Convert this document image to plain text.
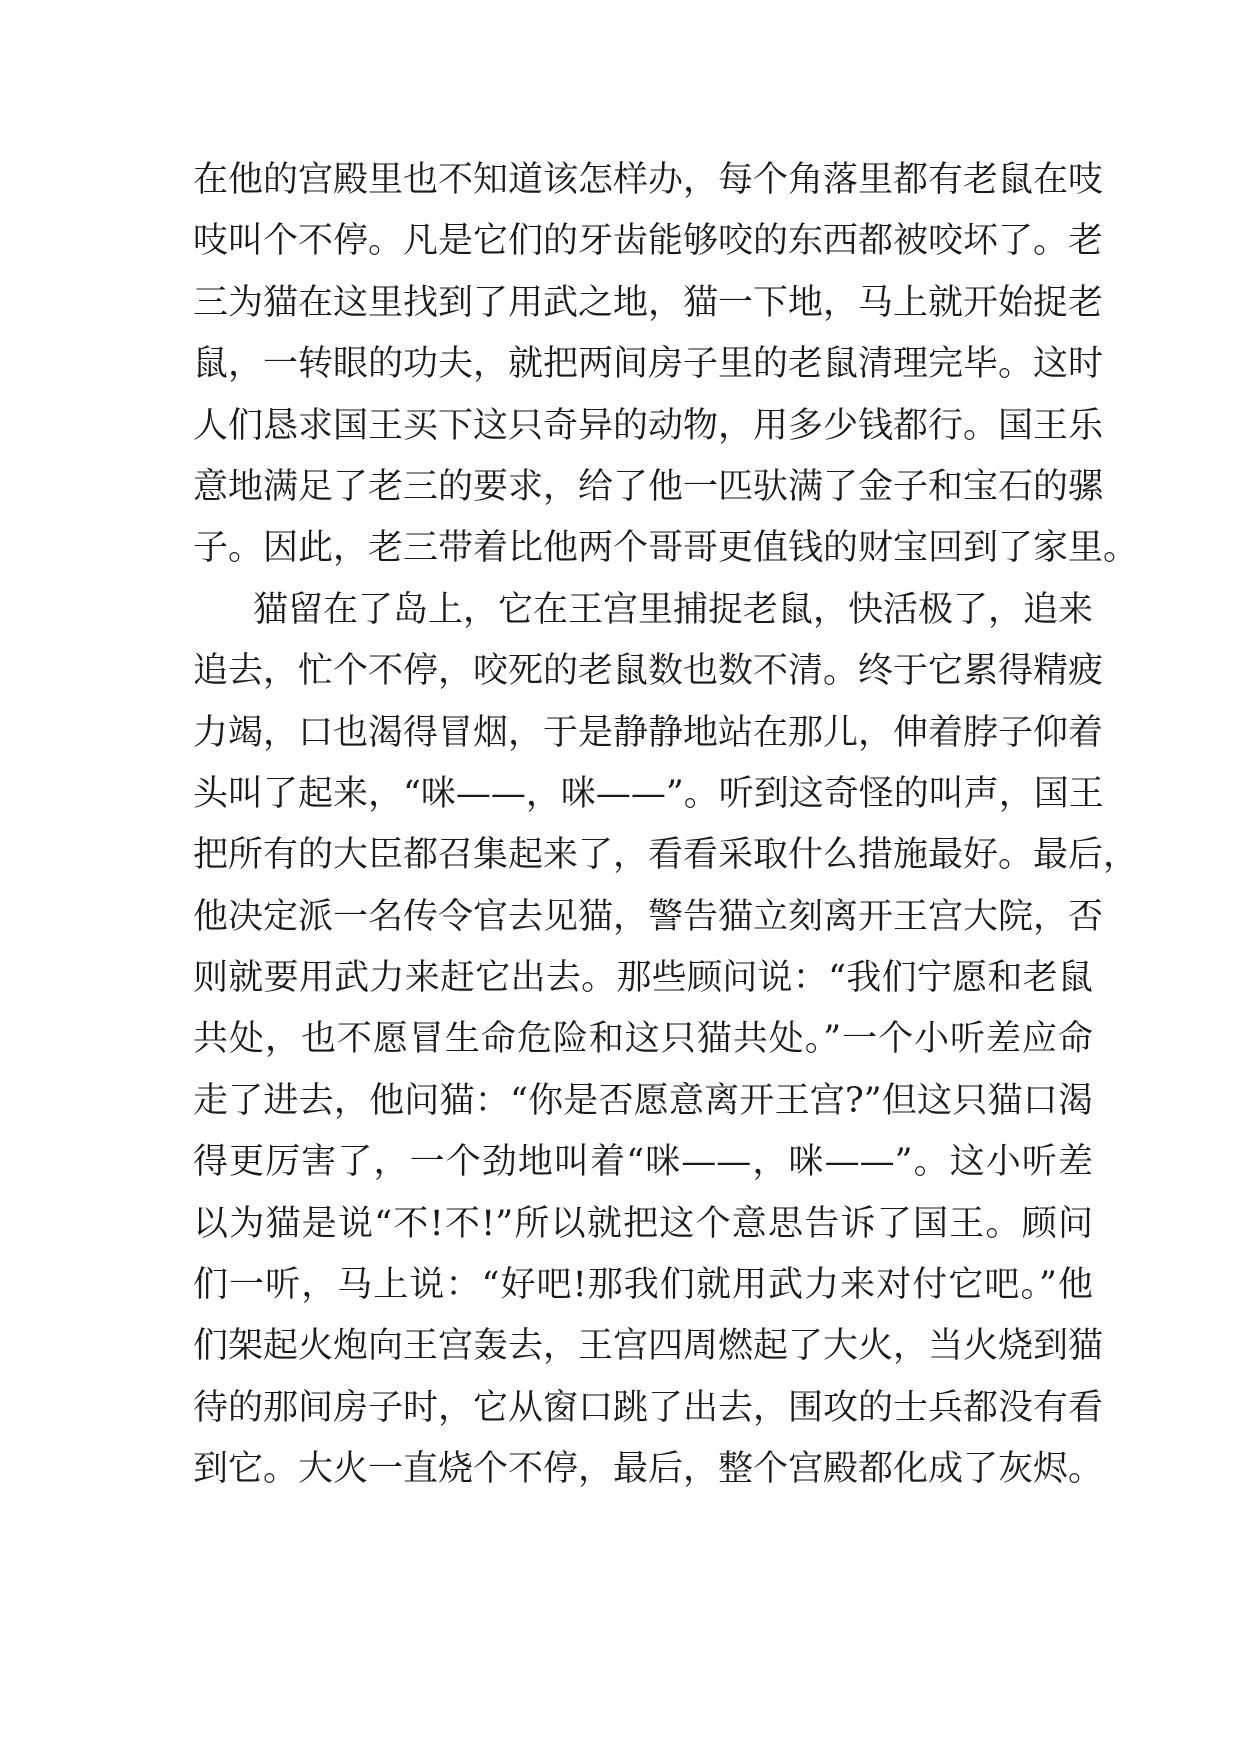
在他的宫殿里也不知道该怎样办，每个角落里都有老鼠在吱
吱叫个不停。凡是它们的牙齿能够咬的东西都被咬坏了。老
三为猫在这里找到了用武之地，猫一下地，马上就开始捉老
鼠，一转眼的功夫，就把两间房子里的老鼠清理完毕。这时
人们恳求国王买下这只奇异的动物，用多少钱都行。国王乐
意地满足了老三的要求，给了他一匹驮满了金子和宝石的骡
子。因此，老三带着比他两个哥哥更值钱的财宝回到了家里。
猫留在了岛上，它在王宫里捕捉老鼠，快活极了，追来
追去，忙个不停，咬死的老鼠数也数不清。终于它累得精疲
力竭，口也渴得冒烟，于是静静地站在那儿，伸着脖子仰着
头叫了起来，“咪——，咪——”。听到这奇怪的叫声，国王
把所有的大臣都召集起来了，看看采取什么措施最好。最后，
他决定派一名传令官去见猫，警告猫立刻离开王宫大院，否
则就要用武力来赶它出去。那些顾问说：“我们宁愿和老鼠
共处，也不愿冒生命危险和这只猫共处。”一个小听差应命
走了进去，他问猫：“你是否愿意离开王宫?”但这只猫口渴
得更厉害了，一个劲地叫着“咪——，咪——”。这小听差
以为猫是说“不!不!”所以就把这个意思告诉了国王。顾问
们一听，马上说：“好吧!那我们就用武力来对付它吧。”他
们架起火炮向王宫轰去，王宫四周燃起了大火，当火烧到猫
待的那间房子时，它从窗口跳了出去，围攻的士兵都没有看
到它。大火一直烧个不停，最后，整个宫殿都化成了灰烬。
